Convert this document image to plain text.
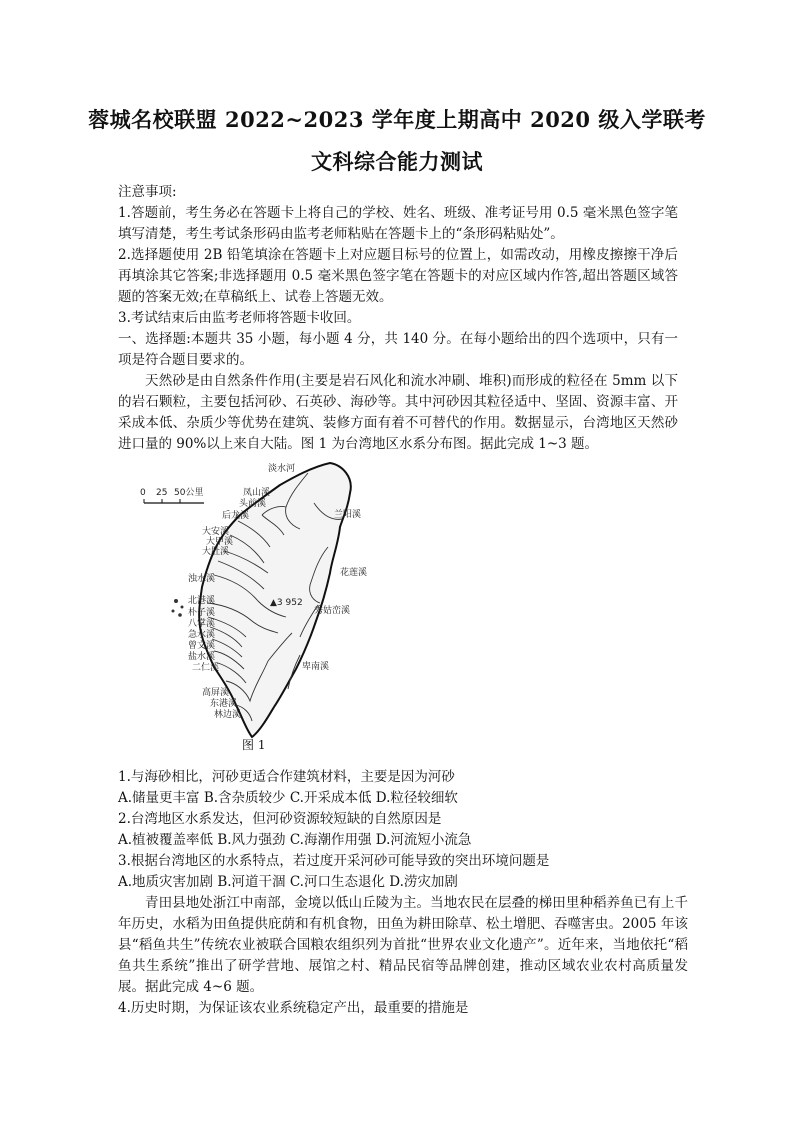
蓉城名校联盟 2022~2023 学年度上期高中 2020 级入学联考
文科综合能力测试

注意事项:

1.答题前，考生务必在答题卡上将自己的学校、姓名、班级、准考证号用 0.5 毫米黑色签字笔填写清楚，考生考试条形码由监考老师粘贴在答题卡上的“条形码粘贴处”。

2.选择题使用 2B 铅笔填涂在答题卡上对应题目标号的位置上，如需改动，用橡皮擦擦干净后再填涂其它答案;非选择题用 0.5 毫米黑色签字笔在答题卡的对应区域内作答,超出答题区域答题的答案无效;在草稿纸上、试卷上答题无效。

3.考试结束后由监考老师将答题卡收回。

一、选择题:本题共 35 小题，每小题 4 分，共 140 分。在每小题给出的四个选项中，只有一项是符合题目要求的。

天然砂是由自然条件作用(主要是岩石风化和流水冲刷、堆积)而形成的粒径在 5mm 以下的岩石颗粒，主要包括河砂、石英砂、海砂等。其中河砂因其粒径适中、坚固、资源丰富、开采成本低、杂质少等优势在建筑、装修方面有着不可替代的作用。数据显示，台湾地区天然砂进口量的 90%以上来自大陆。图 1 为台湾地区水系分布图。据此完成 1~3 题。

0 25 50公里
▲3 952
淡水河
凤山溪
头前溪
后龙溪
大安溪
大甲溪
大肚溪
浊水溪
北港溪
朴子溪
八掌溪
急水溪
曾文溪
盐水溪
二仁溪
高屏溪
东港溪
林边溪
兰阳溪
花莲溪
秀姑峦溪
卑南溪
图 1

1.与海砂相比，河砂更适合作建筑材料，主要是因为河砂

A.储量更丰富 B.含杂质较少 C.开采成本低 D.粒径较细软

2.台湾地区水系发达，但河砂资源较短缺的自然原因是

A.植被覆盖率低 B.风力强劲 C.海潮作用强 D.河流短小流急

3.根据台湾地区的水系特点，若过度开采河砂可能导致的突出环境问题是

A.地质灾害加剧 B.河道干涸 C.河口生态退化 D.涝灾加剧

青田县地处浙江中南部，金境以低山丘陵为主。当地农民在层叠的梯田里种稻养鱼已有上千年历史，水稻为田鱼提供庇荫和有机食物，田鱼为耕田除草、松土增肥、吞噬害虫。2005 年该县“稻鱼共生”传统农业被联合国粮农组织列为首批“世界农业文化遗产”。近年来，当地依托“稻鱼共生系统”推出了研学营地、展馆之村、精品民宿等品牌创建，推动区域农业农村高质量发展。据此完成 4~6 题。

4.历史时期，为保证该农业系统稳定产出，最重要的措施是
